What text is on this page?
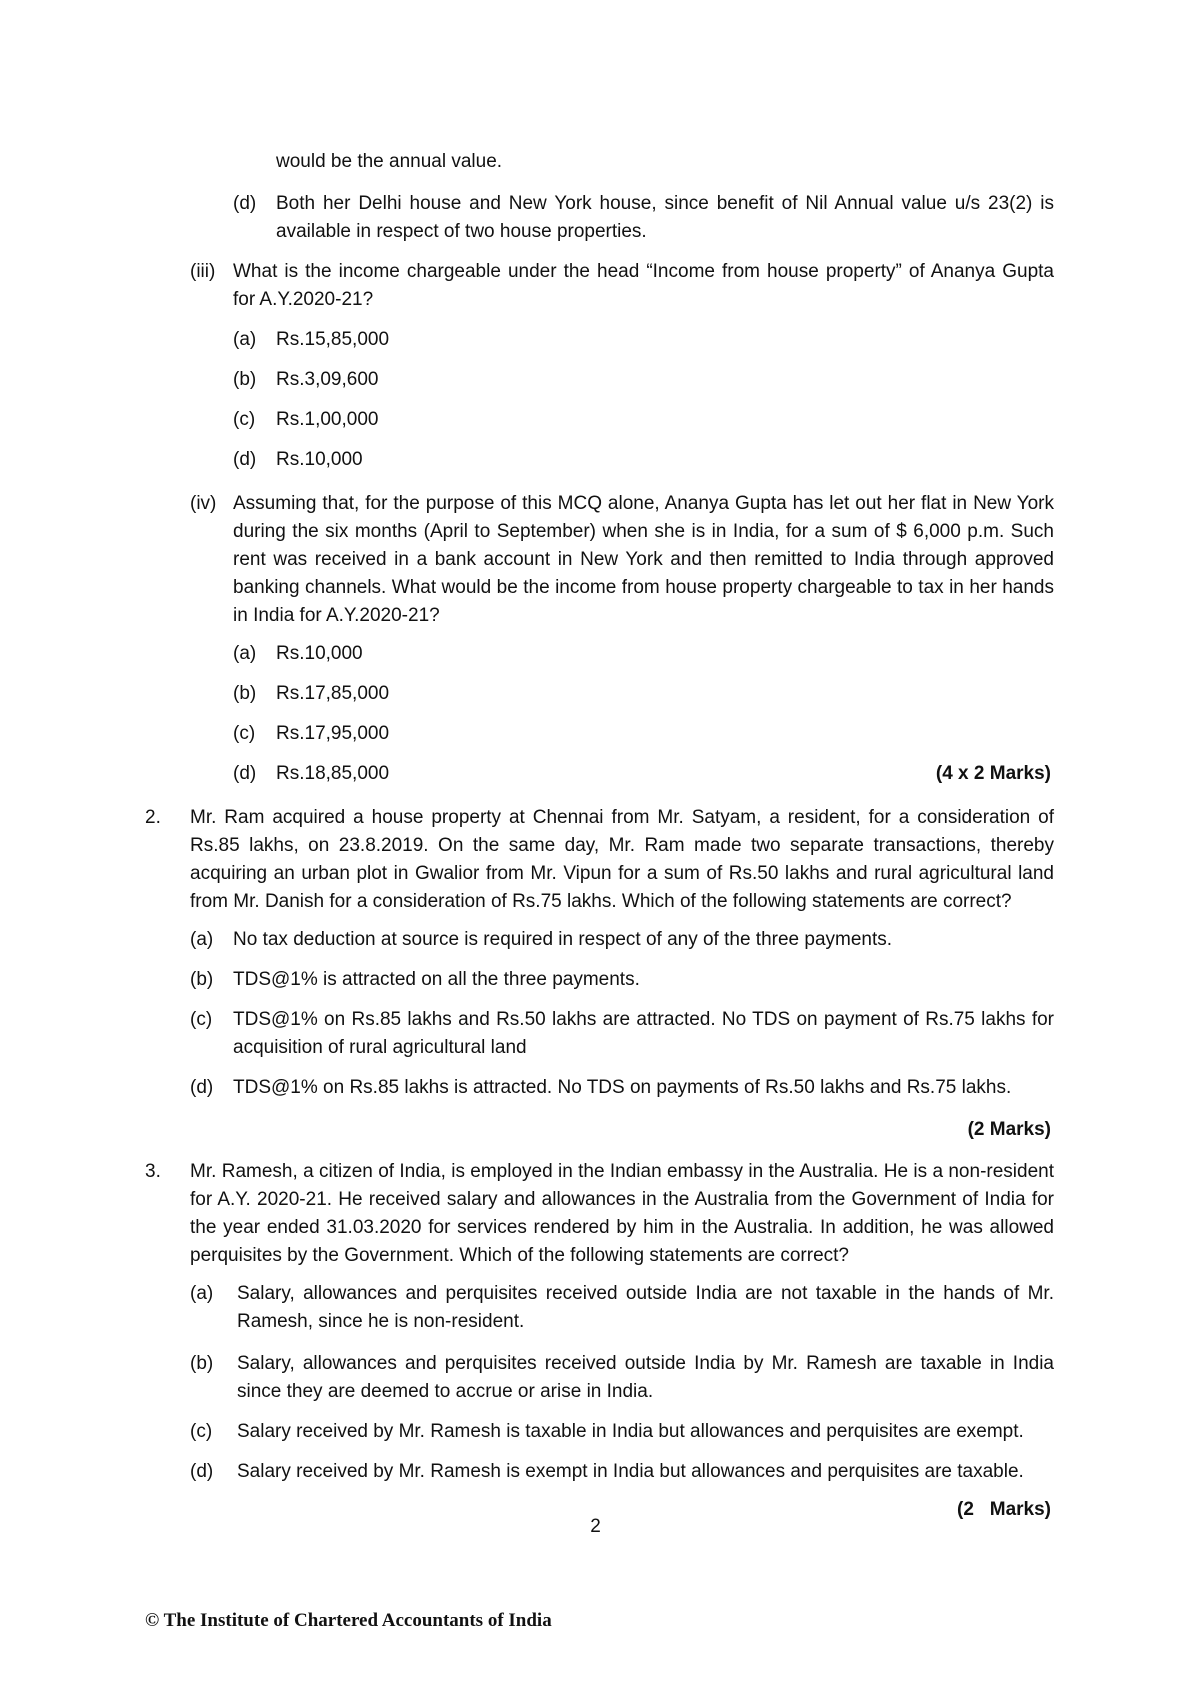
would be the annual value.

(d) Both her Delhi house and New York house, since benefit of Nil Annual value u/s 23(2) is available in respect of two house properties.

(iii) What is the income chargeable under the head “Income from house property” of Ananya Gupta for A.Y.2020-21?

(a) Rs.15,85,000
(b) Rs.3,09,600
(c) Rs.1,00,000
(d) Rs.10,000
(iv) Assuming that, for the purpose of this MCQ alone, Ananya Gupta has let out her flat in New York during the six months (April to September) when she is in India, for a sum of $ 6,000 p.m. Such rent was received in a bank account in New York and then remitted to India through approved banking channels. What would be the income from house property chargeable to tax in her hands in India for A.Y.2020-21?

(a) Rs.10,000
(b) Rs.17,85,000
(c) Rs.17,95,000
(d) Rs.18,85,000	(4 x 2 Marks)
2. Mr. Ram acquired a house property at Chennai from Mr. Satyam, a resident, for a consideration of Rs.85 lakhs, on 23.8.2019. On the same day, Mr. Ram made two separate transactions, thereby acquiring an urban plot in Gwalior from Mr. Vipun for a sum of Rs.50 lakhs and rural agricultural land from Mr. Danish for a consideration of Rs.75 lakhs. Which of the following statements are correct?

(a) No tax deduction at source is required in respect of any of the three payments.

(b) TDS@1% is attracted on all the three payments.

(c) TDS@1% on Rs.85 lakhs and Rs.50 lakhs are attracted. No TDS on payment of Rs.75 lakhs for acquisition of rural agricultural land

(d) TDS@1% on Rs.85 lakhs is attracted. No TDS on payments of Rs.50 lakhs and Rs.75 lakhs.

(2 Marks)
3. Mr. Ramesh, a citizen of India, is employed in the Indian embassy in the Australia. He is a non-resident for A.Y. 2020-21. He received salary and allowances in the Australia from the Government of India for the year ended 31.03.2020 for services rendered by him in the Australia. In addition, he was allowed perquisites by the Government. Which of the following statements are correct?

(a) Salary, allowances and perquisites received outside India are not taxable in the hands of Mr. Ramesh, since he is non-resident.

(b) Salary, allowances and perquisites received outside India by Mr. Ramesh are taxable in India since they are deemed to accrue or arise in India.

(c) Salary received by Mr. Ramesh is taxable in India but allowances and perquisites are exempt.

(d) Salary received by Mr. Ramesh is exempt in India but allowances and perquisites are taxable.

(2   Marks)
2
© The Institute of Chartered Accountants of India
